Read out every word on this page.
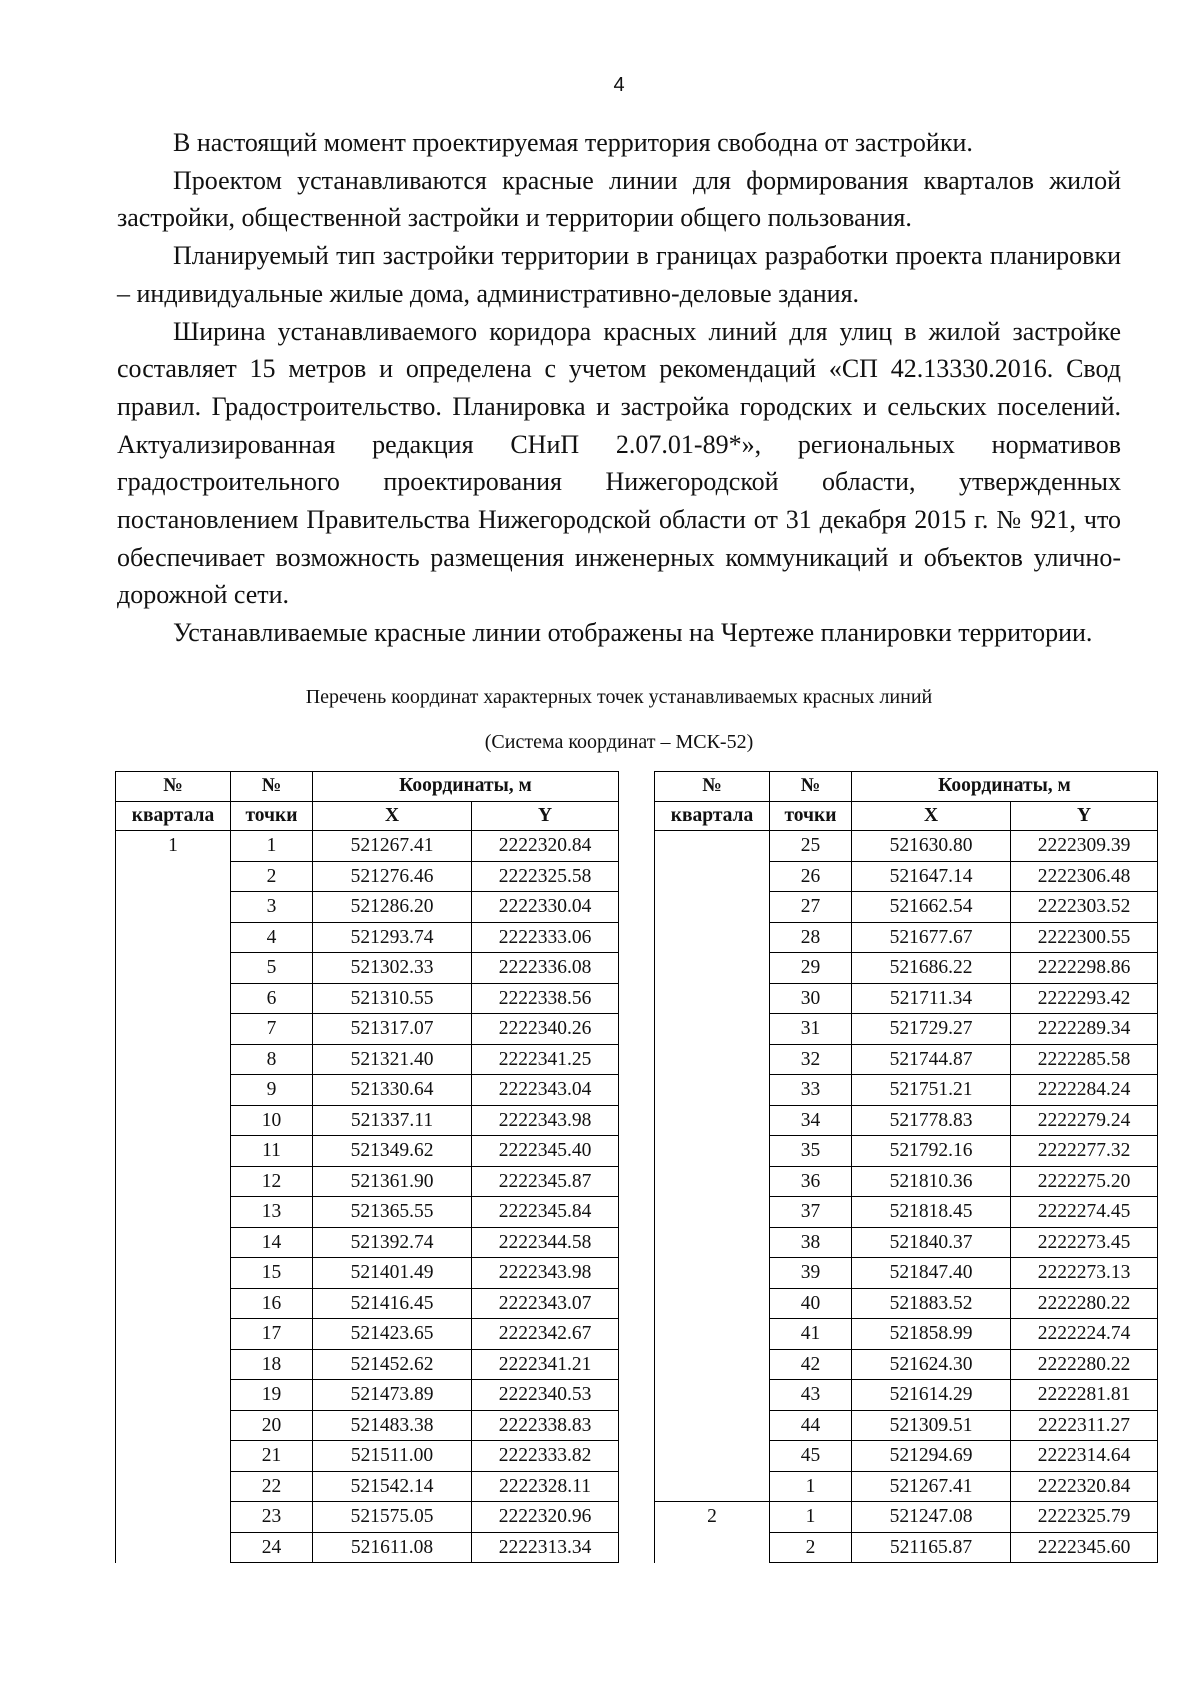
4

В настоящий момент проектируемая территория свободна от застройки.

Проектом устанавливаются красные линии для формирования кварталов жилой застройки, общественной застройки и территории общего пользования.

Планируемый тип застройки территории в границах разработки проекта планировки – индивидуальные жилые дома, административно-деловые здания.

Ширина устанавливаемого коридора красных линий для улиц в жилой застройке составляет 15 метров и определена с учетом рекомендаций «СП 42.13330.2016. Свод правил. Градостроительство. Планировка и застройка городских и сельских поселений. Актуализированная редакция СНиП 2.07.01-89*», региональных нормативов градостроительного проектирования Нижегородской области, утвержденных постановлением Правительства Нижегородской области от 31 декабря 2015 г. № 921, что обеспечивает возможность размещения инженерных коммуникаций и объектов улично-дорожной сети.

Устанавливаемые красные линии отображены на Чертеже планировки территории.

Перечень координат характерных точек устанавливаемых красных линий
(Система координат – МСК-52)
№	№	Координаты, м	
квартала	точки	X	Y
1	1	521267.41	2222320.84
	2	521276.46	2222325.58
	3	521286.20	2222330.04
	4	521293.74	2222333.06
	5	521302.33	2222336.08
	6	521310.55	2222338.56
	7	521317.07	2222340.26
	8	521321.40	2222341.25
	9	521330.64	2222343.04
	10	521337.11	2222343.98
	11	521349.62	2222345.40
	12	521361.90	2222345.87
	13	521365.55	2222345.84
	14	521392.74	2222344.58
	15	521401.49	2222343.98
	16	521416.45	2222343.07
	17	521423.65	2222342.67
	18	521452.62	2222341.21
	19	521473.89	2222340.53
	20	521483.38	2222338.83
	21	521511.00	2222333.82
	22	521542.14	2222328.11
	23	521575.05	2222320.96
	24	521611.08	2222313.34
№	№	Координаты, м	
квартала	точки	X	Y
	25	521630.80	2222309.39
	26	521647.14	2222306.48
	27	521662.54	2222303.52
	28	521677.67	2222300.55
	29	521686.22	2222298.86
	30	521711.34	2222293.42
	31	521729.27	2222289.34
	32	521744.87	2222285.58
	33	521751.21	2222284.24
	34	521778.83	2222279.24
	35	521792.16	2222277.32
	36	521810.36	2222275.20
	37	521818.45	2222274.45
	38	521840.37	2222273.45
	39	521847.40	2222273.13
	40	521883.52	2222280.22
	41	521858.99	2222224.74
	42	521624.30	2222280.22
	43	521614.29	2222281.81
	44	521309.51	2222311.27
	45	521294.69	2222314.64
	1	521267.41	2222320.84
2	1	521247.08	2222325.79
	2	521165.87	2222345.60
